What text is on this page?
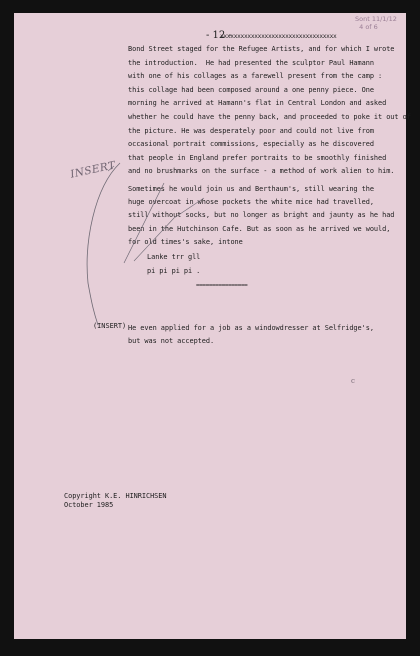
Sont 11/1/12
4 of 6
- 12 -
xxxxxxxxxxxxxxxxxxxxxxxxxxxxxxxxxx
Bond Street staged for the Refugee Artists, and for which I wrote
the introduction.  He had presented the sculptor Paul Hamann
with one of his collages as a farewell present from the camp :
this collage had been composed around a one penny piece. One
morning he arrived at Hamann's flat in Central London and asked
whether he could have the penny back, and proceeded to poke it out of
the picture. He was desperately poor and could not live from
occasional portrait commissions, especially as he discovered
that people in England prefer portraits to be smoothly finished
and no brushmarks on the surface - a method of work alien to him.
INSERT
Sometimes he would join us and Berthaum's, still wearing the
huge overcoat in whose pockets the white mice had travelled,
still without socks, but no longer as bright and jaunty as he had
been in the Hutchinson Cafe. But as soon as he arrived we would,
for old times's sake, intone
Lanke trr gll
pi pi pi pi .
================
(INSERT) He even applied for a job as a windowdresser at Selfridge's,
but was not accepted.
c
Copyright K.E. HINRICHSEN
October 1985
